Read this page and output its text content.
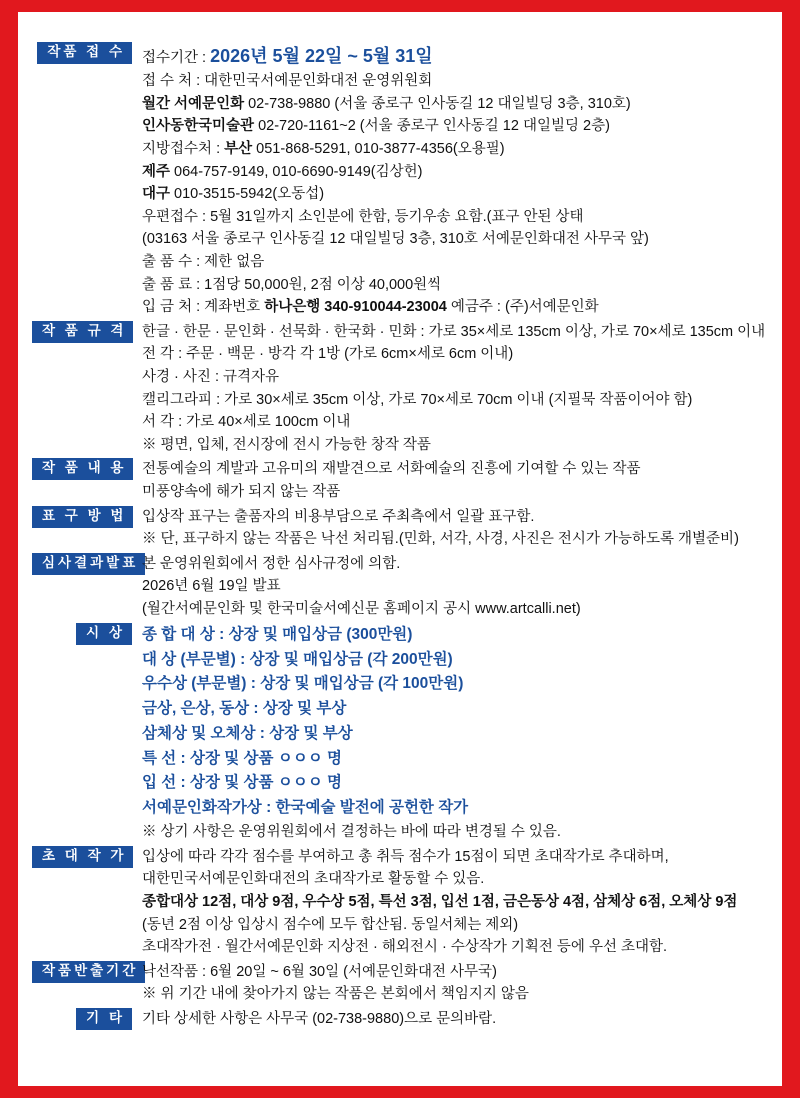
작품 접 수	접수기간 : 2026년 5월 22일 ~ 5월 31일
접 수 처 : 대한민국서예문인화대전 운영위원회
월간 서예문인화 02-738-9880 (서울 종로구 인사동길 12 대일빌딩 3층, 310호)
인사동한국미술관 02-720-1161~2 (서울 종로구 인사동길 12 대일빌딩 2층)
지방접수처 : 부산 051-868-5291, 010-3877-4356(오용필)
제주 064-757-9149, 010-6690-9149(김상헌)
대구 010-3515-5942(오동섭)
우편접수 : 5월 31일까지 소인분에 한함, 등기우송 요함.(표구 안된 상태
(03163 서울 종로구 인사동길 12 대일빌딩 3층, 310호 서예문인화대전 사무국 앞)
출 품 수 : 제한 없음
출 품 료 : 1점당 50,000원, 2점 이상 40,000원씩
입 금 처 : 계좌번호 하나은행 340-910044-23004 예금주 : (주)서예문인화
작 품 규 격	한글 · 한문 · 문인화 · 선묵화 · 한국화 · 민화 : 가로 35×세로 135cm 이상, 가로 70×세로 135cm 이내
전 각 : 주문 · 백문 · 방각 각 1방 (가로 6cm×세로 6cm 이내)
사경 · 사진 : 규격자유
캘리그라피 : 가로 30×세로 35cm 이상, 가로 70×세로 70cm 이내 (지필묵 작품이어야 함)
서 각 : 가로 40×세로 100cm 이내
※ 평면, 입체, 전시장에 전시 가능한 창작 작품
작 품 내 용	전통예술의 계발과 고유미의 재발견으로 서화예술의 진흥에 기여할 수 있는 작품
미풍양속에 해가 되지 않는 작품
표 구 방 법	입상작 표구는 출품자의 비용부담으로 주최측에서 일괄 표구함.
※ 단, 표구하지 않는 작품은 낙선 처리됨.(민화, 서각, 사경, 사진은 전시가 가능하도록 개별준비)
심사결과발표 본 운영위원회에서 정한 심사규정에 의함.
2026년 6월 19일 발표
(월간서예문인화 및 한국미술서예신문 홈페이지 공시 www.artcalli.net)
시 상	종 합 대 상 : 상장 및 매입상금 (300만원)
대 상 (부문별) : 상장 및 매입상금 (각 200만원)
우수상 (부문별) : 상장 및 매입상금 (각 100만원)
금상, 은상, 동상 : 상장 및 부상
삼체상 및 오체상 : 상장 및 부상
특 선 : 상장 및 상품 ㅇㅇㅇ 명
입 선 : 상장 및 상품 ㅇㅇㅇ 명
서예문인화작가상 : 한국예술 발전에 공헌한 작가
※ 상기 사항은 운영위원회에서 결정하는 바에 따라 변경될 수 있음.
초 대 작 가	입상에 따라 각각 점수를 부여하고 총 취득 점수가 15점이 되면 초대작가로 추대하며,
대한민국서예문인화대전의 초대작가로 활동할 수 있음.
종합대상 12점, 대상 9점, 우수상 5점, 특선 3점, 입선 1점, 금은동상 4점, 삼체상 6점, 오체상 9점
(동년 2점 이상 입상시 점수에 모두 합산됨. 동일서체는 제외)
초대작가전 · 월간서예문인화 지상전 · 해외전시 · 수상작가 기획전 등에 우선 초대함.
작품반출기간 낙선작품 : 6월 20일 ~ 6월 30일 (서예문인화대전 사무국)
※ 위 기간 내에 찾아가지 않는 작품은 본회에서 책임지지 않음
기 타	기타 상세한 사항은 사무국 (02-738-9880)으로 문의바람.
